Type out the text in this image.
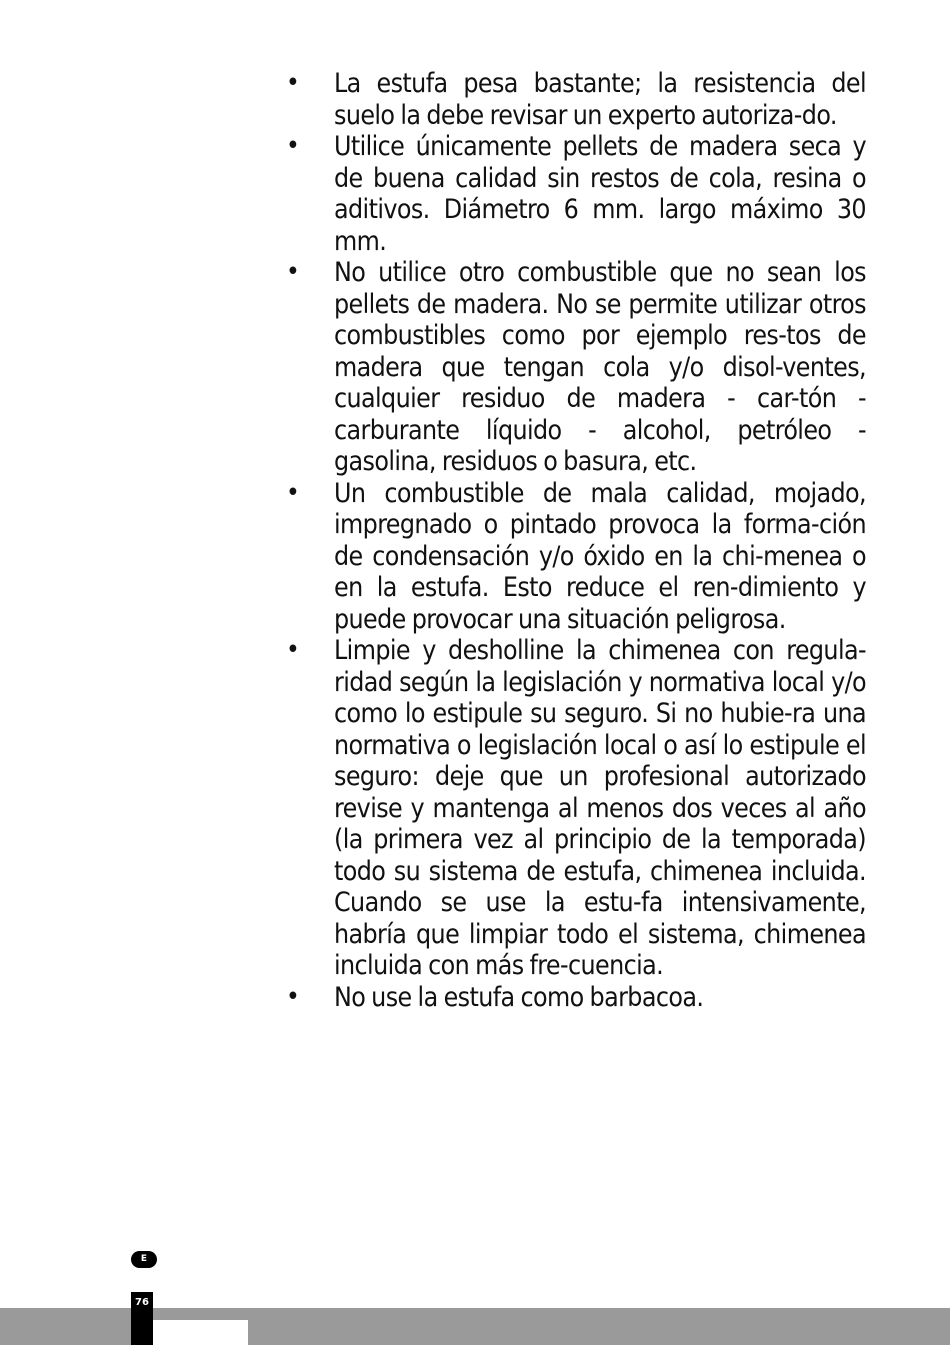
• La estufa pesa bastante; la resistencia del suelo la debe revisar un experto autoriza-do.
• Utilice únicamente pellets de madera seca y de buena calidad sin restos de cola, resina o aditivos. Diámetro 6 mm. largo máximo 30 mm.
• No utilice otro combustible que no sean los pellets de madera. No se permite utilizar otros combustibles como por ejemplo res-tos de madera que tengan cola y/o disol-ventes, cualquier residuo de madera - car-tón - carburante líquido - alcohol, petróleo - gasolina, residuos o basura, etc.
• Un combustible de mala calidad, mojado, impregnado o pintado provoca la forma-ción de condensación y/o óxido en la chi-menea o en la estufa. Esto reduce el ren-dimiento y puede provocar una situación peligrosa.
• Limpie y desholline la chimenea con regula-ridad según la legislación y normativa local y/o como lo estipule su seguro. Si no hubie-ra una normativa o legislación local o así lo estipule el seguro: deje que un profesional autorizado revise y mantenga al menos dos veces al año (la primera vez al principio de la temporada) todo su sistema de estufa, chimenea incluida. Cuando se use la estu-fa intensivamente, habría que limpiar todo el sistema, chimenea incluida con más fre-cuencia.
• No use la estufa como barbacoa.
E
76
